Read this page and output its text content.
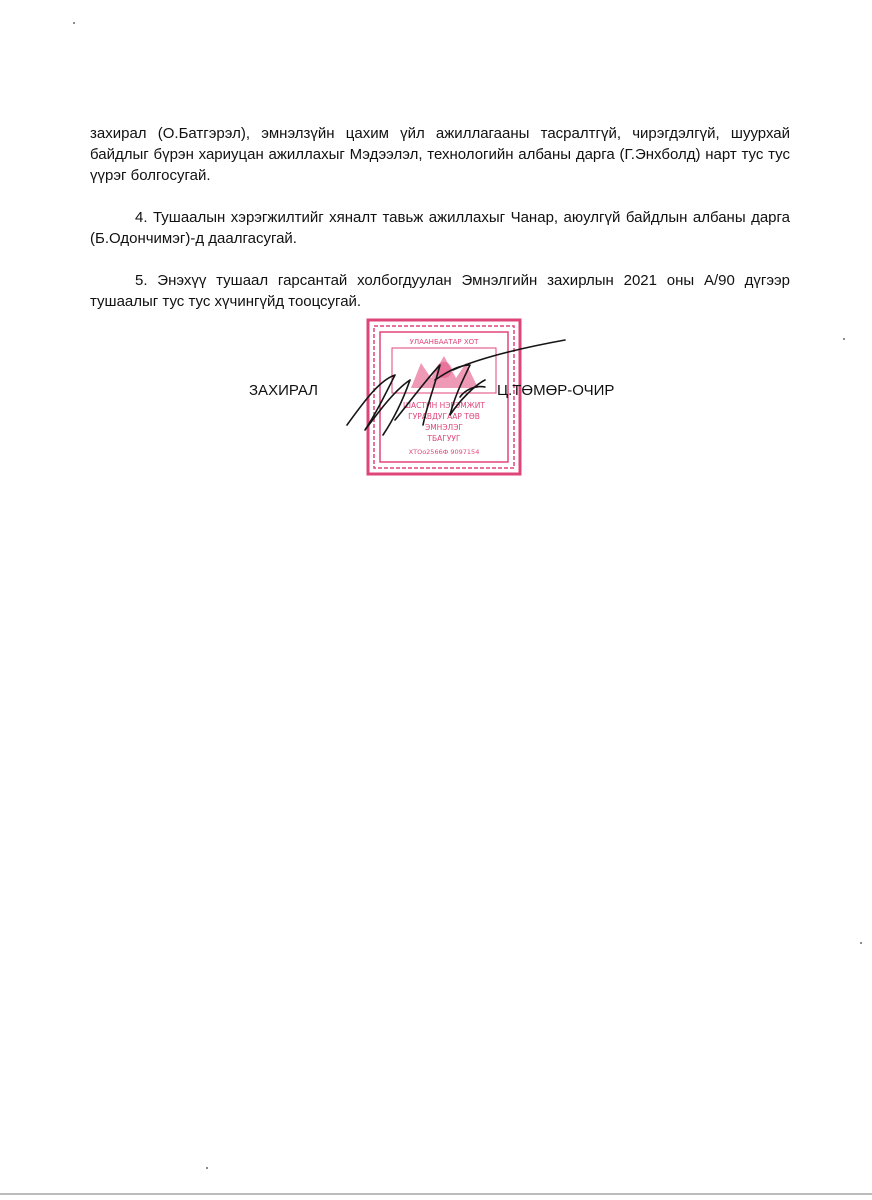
захирал (О.Батгэрэл), эмнэлзүйн цахим үйл ажиллагааны тасралтгүй, чирэгдэлгүй, шуурхай байдлыг бүрэн хариуцан ажиллахыг Мэдээлэл, технологийн албаны дарга (Г.Энхболд) нарт тус тус үүрэг болгосугай.
4. Тушаалын хэрэгжилтийг хяналт тавьж ажиллахыг Чанар, аюулгүй байдлын албаны дарга (Б.Одончимэг)-д даалгасугай.
5. Энэхүү тушаал гарсантай холбогдуулан Эмнэлгийн захирлын 2021 оны А/90 дүгээр тушаалыг тус тус хүчингүйд тооцсугай.
УЛААНБААТАР ХОТ
ШАСТИН НЭРЭМЖИТ
ГУРАВДУГААР ТӨВ
ЭМНЭЛЭГ
ТБАГУУГ
ХТОо2566Ф 9097154
ЗАХИРАЛ	Ц.ТӨМӨР-ОЧИР
